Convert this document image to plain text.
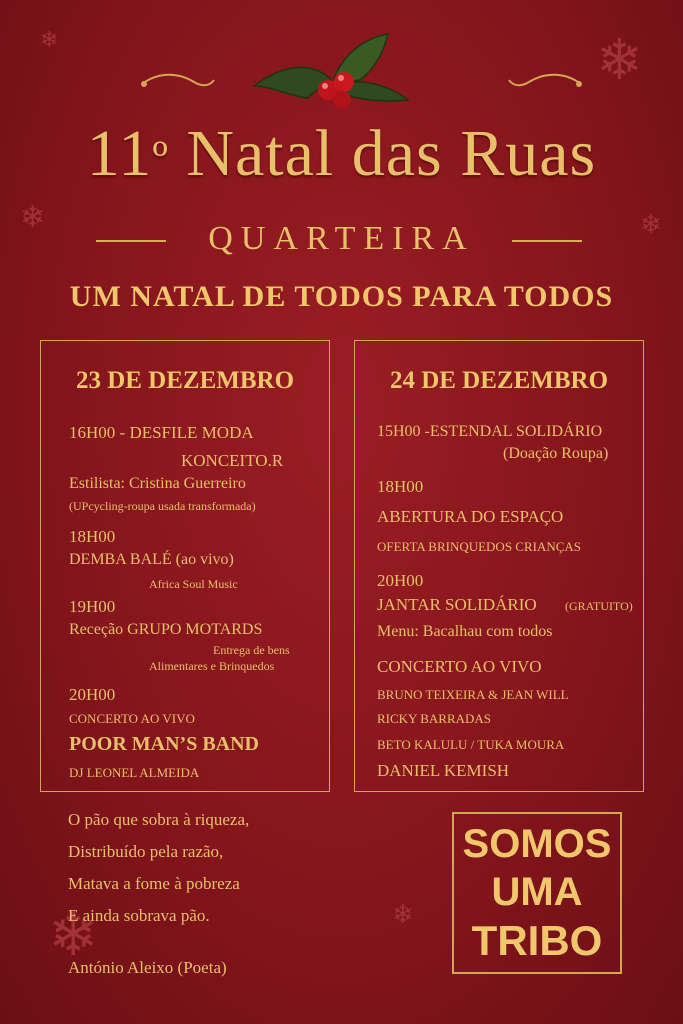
❄
❄
❄	❄
❄	❄
11º Natal das Ruas
QUARTEIRA
UM NATAL DE TODOS PARA TODOS
23 DE DEZEMBRO
16H00 - DESFILE MODA
KONCEITO.R
Estilista: Cristina Guerreiro
(UPcycling-roupa usada transformada)
18H00
DEMBA BALÉ (ao vivo)
Africa Soul Music
19H00
Receção GRUPO MOTARDS
Entrega de bens
Alimentares e Brinquedos
20H00
CONCERTO AO VIVO
POOR MAN’S BAND
DJ LEONEL ALMEIDA
24 DE DEZEMBRO
15H00 -ESTENDAL SOLIDÁRIO
(Doação Roupa)
18H00
ABERTURA DO ESPAÇO
OFERTA BRINQUEDOS CRIANÇAS
20H00
JANTAR SOLIDÁRIO (GRATUITO)
Menu: Bacalhau com todos
CONCERTO AO VIVO
BRUNO TEIXEIRA & JEAN WILL
RICKY BARRADAS
BETO KALULU / TUKA MOURA
DANIEL KEMISH
O pão que sobra à riqueza,
Distribuído pela razão,
Matava a fome à pobreza
E ainda sobrava pão.
António Aleixo (Poeta)
SOMOS
UMA
TRIBO
